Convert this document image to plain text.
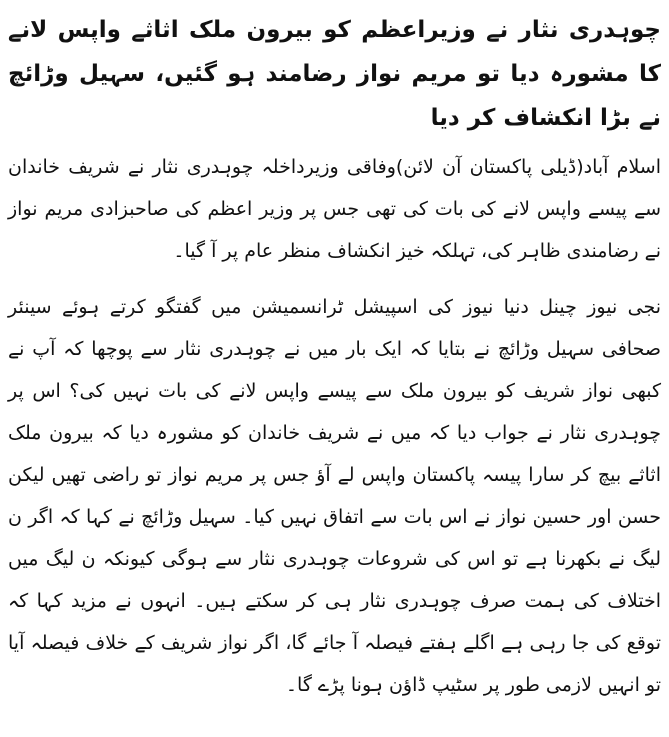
چوہدری نثار نے وزیراعظم کو بیرون ملک اثاثے واپس لانے کا مشورہ دیا تو مریم نواز رضامند ہو گئیں، سہیل وڑائچ نے بڑا انکشاف کر دیا

اسلام آباد(ڈیلی پاکستان آن لائن)وفاقی وزیرداخلہ چوہدری نثار نے شریف خاندان سے پیسے واپس لانے کی بات کی تھی جس پر وزیر اعظم کی صاحبزادی مریم نواز نے رضامندی ظاہر کی، تہلکہ خیز انکشاف منظر عام پر آ گیا۔

نجی نیوز چینل دنیا نیوز کی اسپیشل ٹرانسمیشن میں گفتگو کرتے ہوئے سینئر صحافی سہیل وڑائچ نے بتایا کہ ایک بار میں نے چوہدری نثار سے پوچھا کہ آپ نے کبھی نواز شریف کو بیرون ملک سے پیسے واپس لانے کی بات نہیں کی؟ اس پر چوہدری نثار نے جواب دیا کہ میں نے شریف خاندان کو مشورہ دیا کہ بیرون ملک اثاثے بیچ کر سارا پیسہ پاکستان واپس لے آؤ جس پر مریم نواز تو راضی تھیں لیکن حسن اور حسین نواز نے اس بات سے اتفاق نہیں کیا۔ سہیل وڑائچ نے کہا کہ اگر ن لیگ نے بکھرنا ہے تو اس کی شروعات چوہدری نثار سے ہوگی کیونکہ ن لیگ میں اختلاف کی ہمت صرف چوہدری نثار ہی کر سکتے ہیں۔ انہوں نے مزید کہا کہ توقع کی جا رہی ہے اگلے ہفتے فیصلہ آ جائے گا، اگر نواز شریف کے خلاف فیصلہ آیا تو انہیں لازمی طور پر سٹیپ ڈاؤن ہونا پڑے گا۔
